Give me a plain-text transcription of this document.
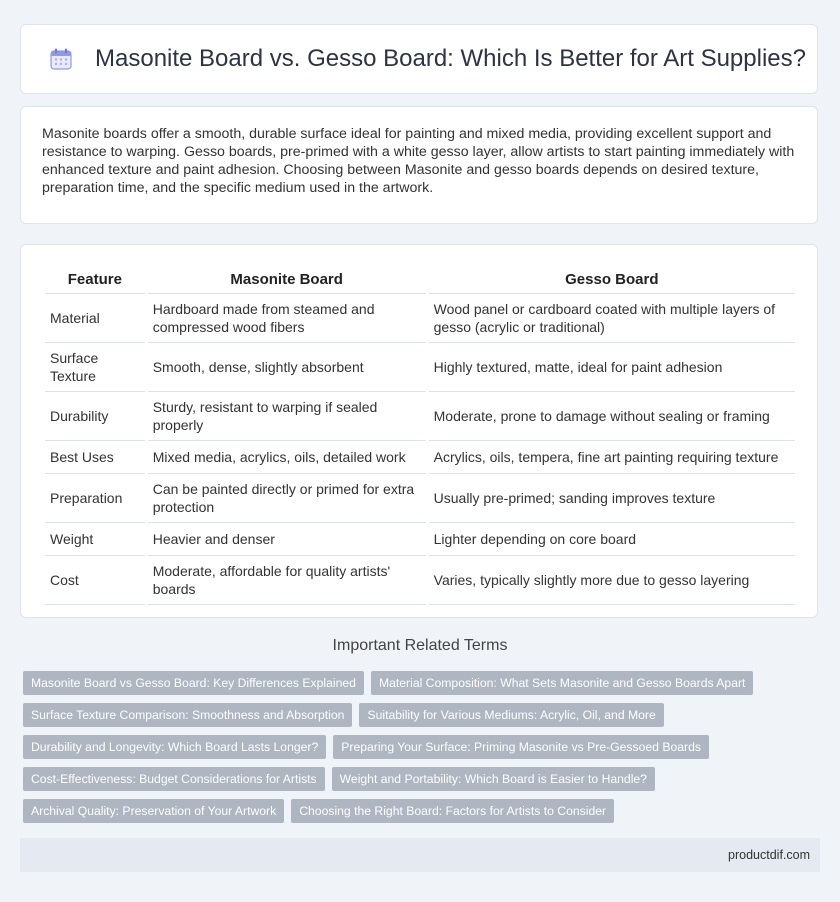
Masonite Board vs. Gesso Board: Which Is Better for Art Supplies?

Masonite boards offer a smooth, durable surface ideal for painting and mixed media, providing excellent support and resistance to warping. Gesso boards, pre-primed with a white gesso layer, allow artists to start painting immediately with enhanced texture and paint adhesion. Choosing between Masonite and gesso boards depends on desired texture, preparation time, and the specific medium used in the artwork.

Feature	Masonite Board	Gesso Board
Material	Hardboard made from steamed and compressed wood fibers	Wood panel or cardboard coated with multiple layers of gesso (acrylic or traditional)
Surface Texture	Smooth, dense, slightly absorbent	Highly textured, matte, ideal for paint adhesion
Durability	Sturdy, resistant to warping if sealed properly	Moderate, prone to damage without sealing or framing
Best Uses	Mixed media, acrylics, oils, detailed work	Acrylics, oils, tempera, fine art painting requiring texture
Preparation	Can be painted directly or primed for extra protection	Usually pre-primed; sanding improves texture
Weight	Heavier and denser	Lighter depending on core board
Cost	Moderate, affordable for quality artists' boards	Varies, typically slightly more due to gesso layering
Important Related Terms
Masonite Board vs Gesso Board: Key Differences Explained	Material Composition: What Sets Masonite and Gesso Boards Apart
Surface Texture Comparison: Smoothness and Absorption	Suitability for Various Mediums: Acrylic, Oil, and More
Durability and Longevity: Which Board Lasts Longer?	Preparing Your Surface: Priming Masonite vs Pre-Gessoed Boards
Cost-Effectiveness: Budget Considerations for Artists	Weight and Portability: Which Board is Easier to Handle?
Archival Quality: Preservation of Your Artwork	Choosing the Right Board: Factors for Artists to Consider
productdif.com
